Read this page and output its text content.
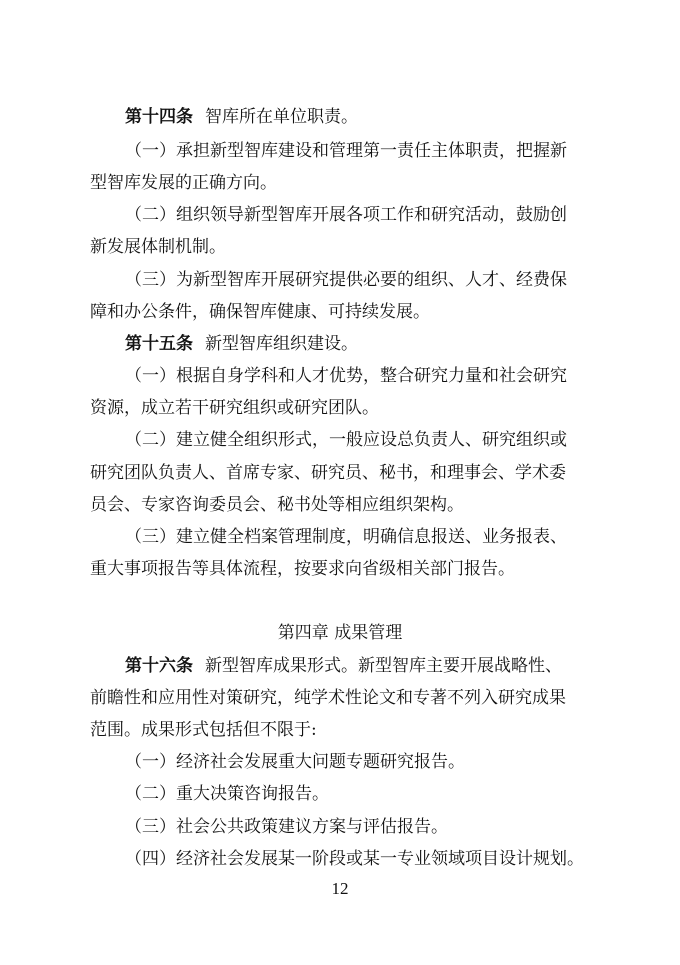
第十四条 智库所在单位职责。
（一）承担新型智库建设和管理第一责任主体职责，把握新
型智库发展的正确方向。
（二）组织领导新型智库开展各项工作和研究活动，鼓励创
新发展体制机制。
（三）为新型智库开展研究提供必要的组织、人才、经费保
障和办公条件，确保智库健康、可持续发展。
第十五条 新型智库组织建设。
（一）根据自身学科和人才优势，整合研究力量和社会研究
资源，成立若干研究组织或研究团队。
（二）建立健全组织形式，一般应设总负责人、研究组织或
研究团队负责人、首席专家、研究员、秘书，和理事会、学术委
员会、专家咨询委员会、秘书处等相应组织架构。
（三）建立健全档案管理制度，明确信息报送、业务报表、
重大事项报告等具体流程，按要求向省级相关部门报告。
第四章 成果管理
第十六条 新型智库成果形式。新型智库主要开展战略性、
前瞻性和应用性对策研究，纯学术性论文和专著不列入研究成果
范围。成果形式包括但不限于:
（一）经济社会发展重大问题专题研究报告。
（二）重大决策咨询报告。
（三）社会公共政策建议方案与评估报告。
（四）经济社会发展某一阶段或某一专业领域项目设计规划。
12
